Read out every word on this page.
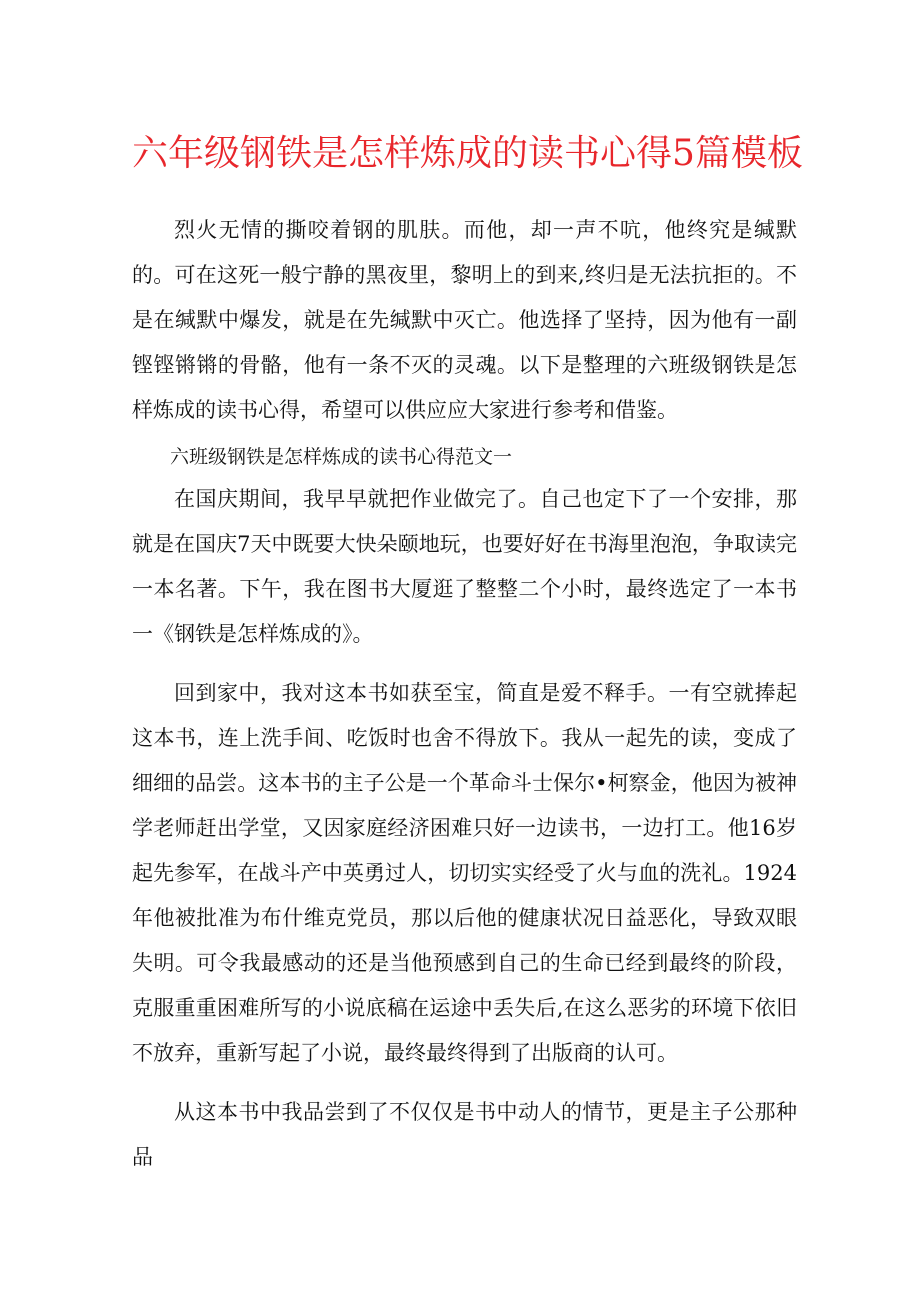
六年级钢铁是怎样炼成的读书心得5篇模板

烈火无情的撕咬着钢的肌肤。而他，却一声不吭，他终究是缄默的。可在这死一般宁静的黑夜里，黎明上的到来,终归是无法抗拒的。不是在缄默中爆发，就是在先缄默中灭亡。他选择了坚持，因为他有一副铿铿锵锵的骨骼，他有一条不灭的灵魂。以下是整理的六班级钢铁是怎样炼成的读书心得，希望可以供应应大家进行参考和借鉴。

六班级钢铁是怎样炼成的读书心得范文一

在国庆期间，我早早就把作业做完了。自己也定下了一个安排，那就是在国庆7天中既要大快朵颐地玩，也要好好在书海里泡泡，争取读完一本名著。下午，我在图书大厦逛了整整二个小时，最终选定了一本书一《钢铁是怎样炼成的》。

回到家中，我对这本书如获至宝，简直是爱不释手。一有空就捧起这本书，连上洗手间、吃饭时也舍不得放下。我从一起先的读，变成了细细的品尝。这本书的主子公是一个革命斗士保尔•柯察金，他因为被神学老师赶出学堂，又因家庭经济困难只好一边读书，一边打工。他16岁起先参军，在战斗产中英勇过人，切切实实经受了火与血的洗礼。1924年他被批准为布什维克党员，那以后他的健康状况日益恶化，导致双眼失明。可令我最感动的还是当他预感到自己的生命已经到最终的阶段，克服重重困难所写的小说底稿在运途中丢失后,在这么恶劣的环境下依旧不放弃，重新写起了小说，最终最终得到了出版商的认可。

从这本书中我品尝到了不仅仅是书中动人的情节，更是主子公那种品
